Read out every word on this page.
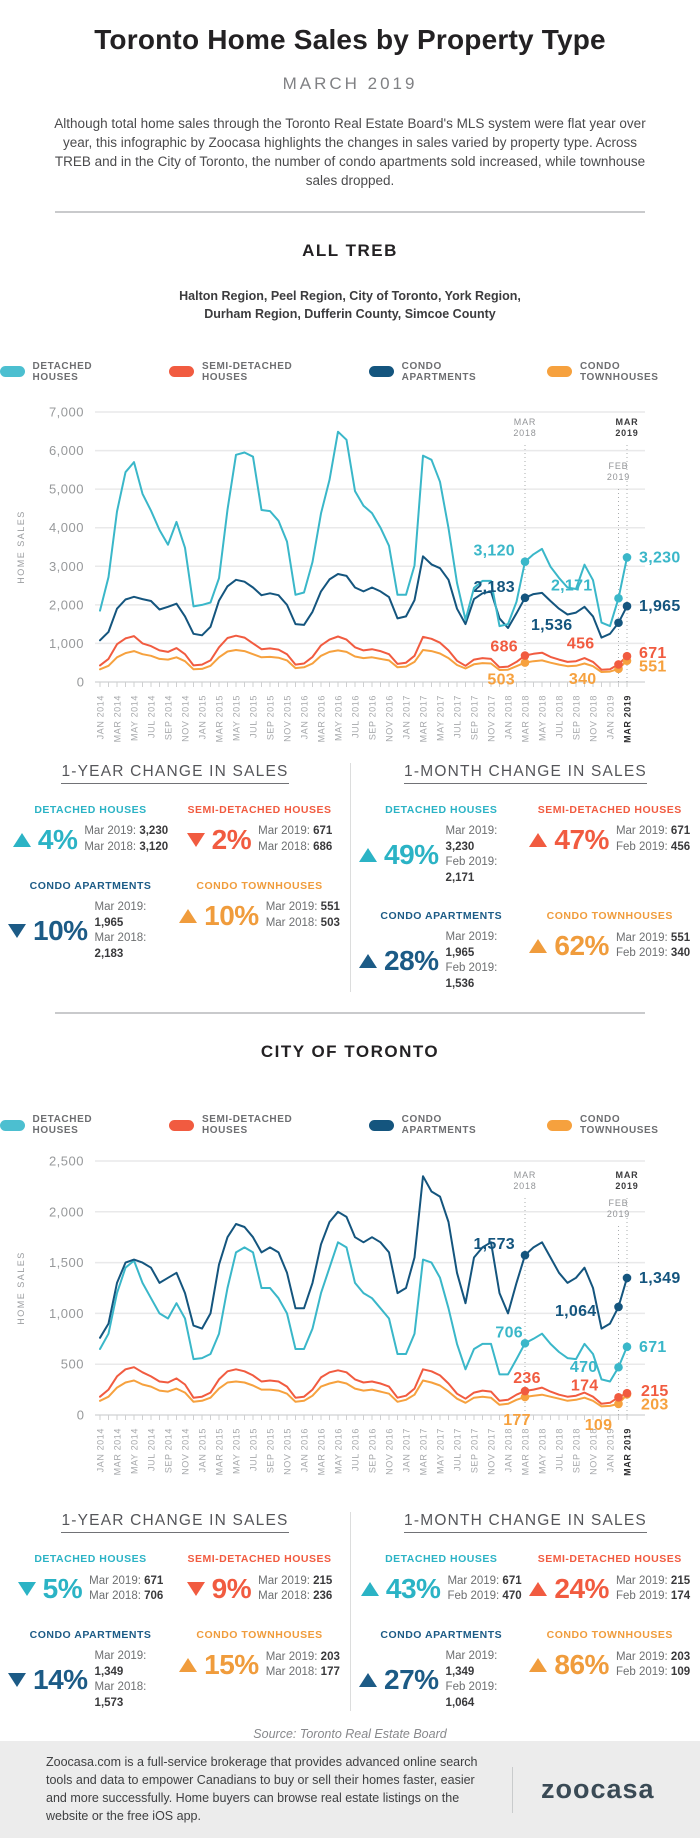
Toronto Home Sales by Property Type
MARCH 2019

Although total home sales through the Toronto Real Estate Board's MLS system were flat year over year, this infographic by Zoocasa highlights the changes in sales varied by property type. Across TREB and in the City of Toronto, the number of condo apartments sold increased, while townhouse sales dropped.

ALL TREB
Halton Region, Peel Region, City of Toronto, York Region,
Durham Region, Dufferin County, Simcoe County
DETACHED HOUSES
SEMI-DETACHED HOUSES
CONDO APARTMENTS
CONDO TOWNHOUSES
1,000
2,000
3,000
4,000
5,000
6,000
7,000
0
HOME SALES
JAN 2014 MAR 2014 MAY 2014 JUL 2014 SEP 2014 NOV 2014 JAN 2015 MAR 2015 MAY 2015 JUL 2015 SEP 2015 NOV 2015 JAN 2016 MAR 2016 MAY 2016 JUL 2016 SEP 2016 NOV 2016 JAN 2017 MAR 2017 MAY 2017 JUL 2017 SEP 2017 NOV 2017 JAN 2018 MAR 2018 MAY 2018 JUL 2018 SEP 2018 NOV 2018 JAN 2019 MAR 2019
MAR 2018
FEB 2019
MAR 2019
3,120
2,171
3,230
2,183
1,536
1,965
686	456
671
503	340
551
1-YEAR CHANGE IN SALES
DETACHED HOUSES
4% Mar 2019: 3,230
Mar 2018: 3,120
SEMI-DETACHED HOUSES
2% Mar 2019: 671
Mar 2018: 686
CONDO APARTMENTS
10%
Mar 2019: 1,965
Mar 2018: 2,183
CONDO TOWNHOUSES
10% Mar 2019: 551
Mar 2018: 503
1-MONTH CHANGE IN SALES
DETACHED HOUSES
49%
Mar 2019: 3,230
Feb 2019: 2,171
SEMI-DETACHED HOUSES
47% Mar 2019: 671
Feb 2019: 456
CONDO APARTMENTS
28%
Mar 2019: 1,965
Feb 2019: 1,536
CONDO TOWNHOUSES
62% Mar 2019: 551
Feb 2019: 340
CITY OF TORONTO
DETACHED HOUSES
SEMI-DETACHED HOUSES
CONDO APARTMENTS
CONDO TOWNHOUSES
500
1,000
1,500
2,000
2,500
0
HOME SALES
JAN 2014 MAR 2014 MAY 2014 JUL 2014 SEP 2014 NOV 2014 JAN 2015 MAR 2015 MAY 2015 JUL 2015 SEP 2015 NOV 2015 JAN 2016 MAR 2016 MAY 2016 JUL 2016 SEP 2016 NOV 2016 JAN 2017 MAR 2017 MAY 2017 JUL 2017 SEP 2017 NOV 2017 JAN 2018 MAR 2018 MAY 2018 JUL 2018 SEP 2018 NOV 2018 JAN 2019 MAR 2019
MAR 2018
FEB 2019
MAR 2019
1,573
1,064
1,349
706
470
671
236 174	215
177	109
203
1-YEAR CHANGE IN SALES
DETACHED HOUSES
5% Mar 2019: 671
Mar 2018: 706
SEMI-DETACHED HOUSES
9% Mar 2019: 215
Mar 2018: 236
CONDO APARTMENTS
14%
Mar 2019: 1,349
Mar 2018: 1,573
CONDO TOWNHOUSES
15% Mar 2019: 203
Mar 2018: 177
1-MONTH CHANGE IN SALES
DETACHED HOUSES
43% Mar 2019: 671
Feb 2019: 470
SEMI-DETACHED HOUSES
24% Mar 2019: 215
Feb 2019: 174
CONDO APARTMENTS
27%
Mar 2019: 1,349
Feb 2019: 1,064
CONDO TOWNHOUSES
86% Mar 2019: 203
Feb 2019: 109

Source: Toronto Real Estate Board

Zoocasa.com is a full-service brokerage that provides advanced online search tools and data to empower Canadians to buy or sell their homes faster, easier and more successfully. Home buyers can browse real estate listings on the website or the free iOS app.

zoocasa
